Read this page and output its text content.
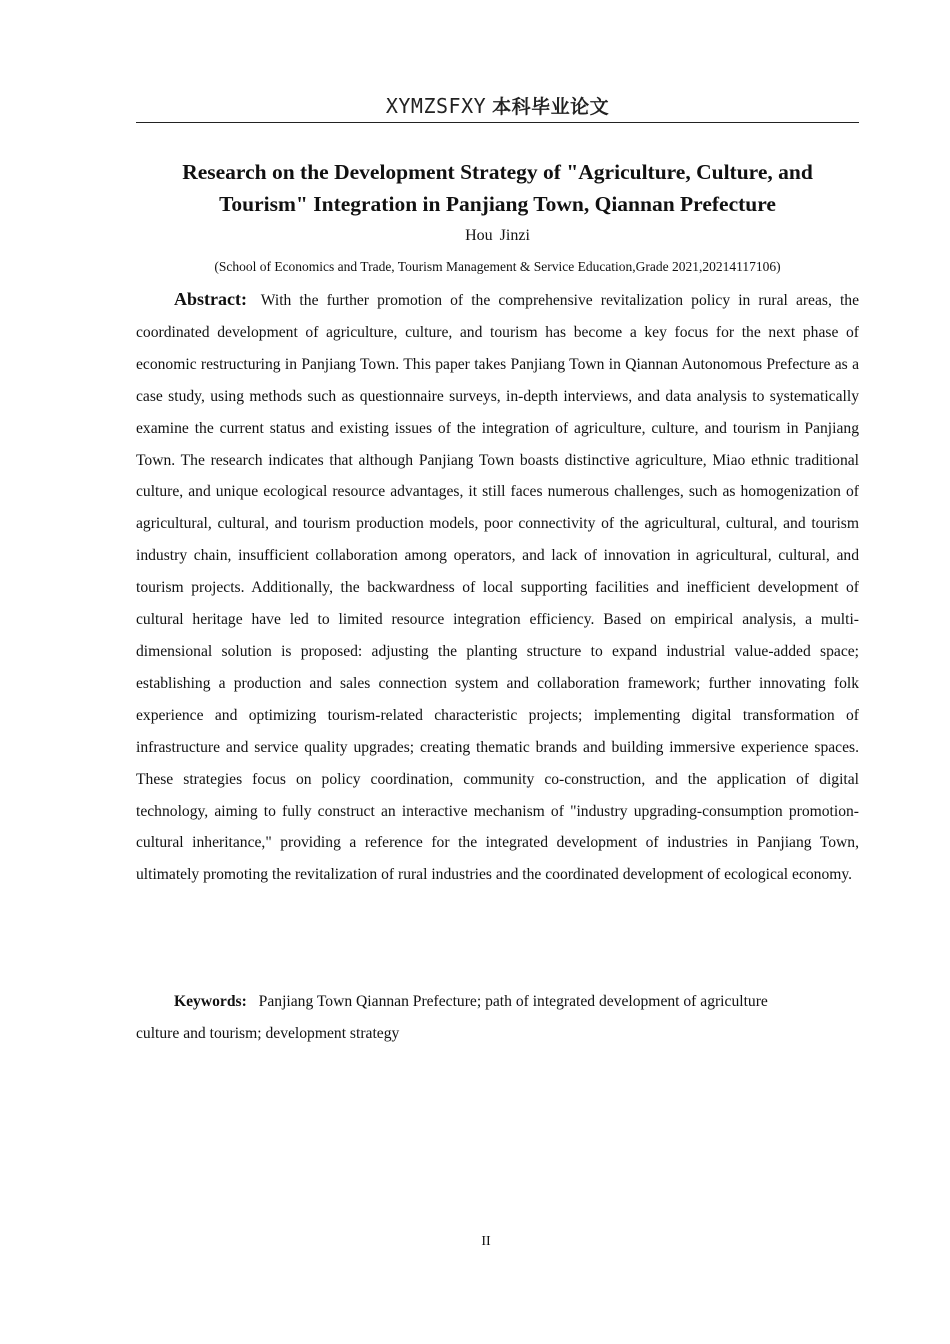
XYMZSFXY 本科毕业论文
Research on the Development Strategy of "Agriculture, Culture, and
Tourism" Integration in Panjiang Town, Qiannan Prefecture
Hou Jinzi
(School of Economics and Trade, Tourism Management & Service Education,Grade 2021,20214117106)

Abstract: With the further promotion of the comprehensive revitalization policy in rural areas, the coordinated development of agriculture, culture, and tourism has become a key focus for the next phase of economic restructuring in Panjiang Town. This paper takes Panjiang Town in Qiannan Autonomous Prefecture as a case study, using methods such as questionnaire surveys, in-depth interviews, and data analysis to systematically examine the current status and existing issues of the integration of agriculture, culture, and tourism in Panjiang Town. The research indicates that although Panjiang Town boasts distinctive agriculture, Miao ethnic traditional culture, and unique ecological resource advantages, it still faces numerous challenges, such as homogenization of agricultural, cultural, and tourism production models, poor connectivity of the agricultural, cultural, and tourism industry chain, insufficient collaboration among operators, and lack of innovation in agricultural, cultural, and tourism projects. Additionally, the backwardness of local supporting facilities and inefficient development of cultural heritage have led to limited resource integration efficiency. Based on empirical analysis, a multi-dimensional solution is proposed: adjusting the planting structure to expand industrial value-added space; establishing a production and sales connection system and collaboration framework; further innovating folk experience and optimizing tourism-related characteristic projects; implementing digital transformation of infrastructure and service quality upgrades; creating thematic brands and building immersive experience spaces. These strategies focus on policy coordination, community co-construction, and the application of digital technology, aiming to fully construct an interactive mechanism of "industry upgrading-consumption promotion-cultural inheritance," providing a reference for the integrated development of industries in Panjiang Town, ultimately promoting the revitalization of rural industries and the coordinated development of ecological economy.

Keywords: Panjiang Town Qiannan Prefecture; path of integrated development of agriculture culture and tourism; development strategy

II
